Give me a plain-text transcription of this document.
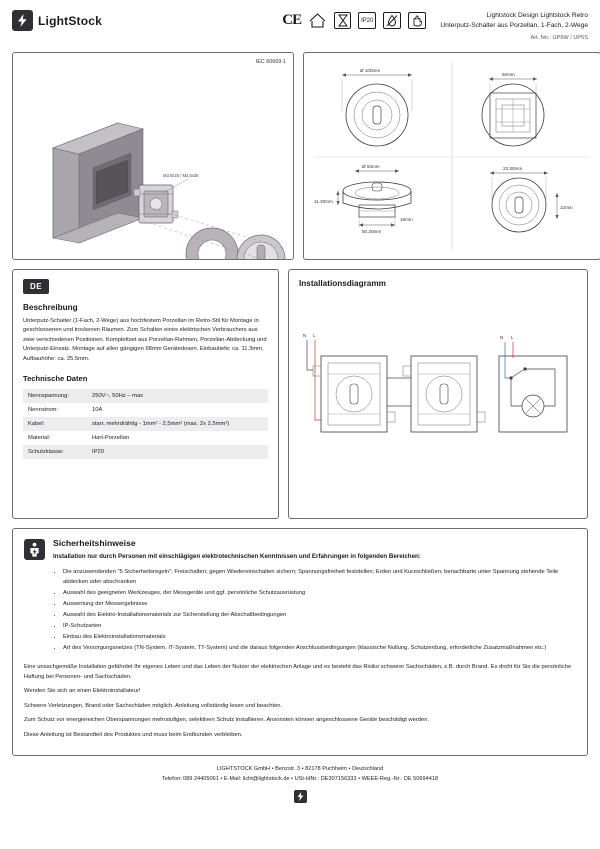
LightStock	CE	IP20
Lightstock Design Lightstock Retro
Unterputz-Schalter aus Porzellan, 1-Fach, 2-Wege
Art. No.: UP6W / UP5S
IEC 60669-1
M3,5x25 / M3,5x35
Ø 100mm
60mm
Ø 63mm
11.30mm
50.30mm
18mm
23.30mm
12mm
DE
Beschreibung

Unterputz-Schalter (1-Fach, 2-Wege) aus hochfestem Porzellan im Retro-Stil für Montage in geschlossenen und trockenen Räumen. Zum Schalten eines elektrischen Verbrauchers aus zwei verschiedenen Positionen. Komplettset aus Porzellan-Rahmen, Porzellan-Abdeckung und Unterputz-Einsatz. Montage auf allen gängigen 68mm Gerätedosen. Einbautiefe: ca. 11.3mm, Aufbauhöhe: ca. 25.5mm.

Technische Daten
Nennspannung:	250V~, 50Hz – max
Nennstrom:	10A
Kabel:	starr, mehrdrähtig - 1mm² - 2,5mm² (max. 2x 2,5mm²)
Material:	Hart-Porzellan
Schutzklasse:	IP20
Installationsdiagramm
N L	N L
Sicherheitshinweise
Installation nur durch Personen mit einschlägigen elektrotechnischen Kenntnissen und Erfahrungen in folgenden Bereichen:
• Die anzuwendenden "5 Sicherheitsregeln": Freischalten; gegen Wiedereinschalten sichern; Spannungsfreiheit feststellen; Erden und Kurzschließen; benachbarte unter Spannung stehende Teile abdecken oder abschranken
• Auswahl des geeigneten Werkzeuges, der Messgeräte und ggf. persönliche Schutzausrüstung
• Auswertung der Messergebnisse
• Auswahl des Elektro-Installationsmaterials zur Sicherstellung der Abschaltbedingungen
• IP-Schutzarten
• Einbau des Elektroinstallationsmaterials
• Art des Versorgungsnetzes (TN-System, IT-System, TT-System) und die daraus folgenden Anschlussbedingungen (klassische Nullung, Schutzerdung, erforderliche Zusatzmaßnahmen etc.)

Eine unsachgemäße Installation gefährdet Ihr eigenes Leben und das Leben der Nutzer der elektrischen Anlage und es besteht das Risiko schwerer Sachschäden, z.B. durch Brand. Es droht für Sie die persönliche Haftung bei Personen- und Sachschäden.

Wenden Sie sich an einen Elektroinstallateur!

Schwere Verletzungen, Brand oder Sachschäden möglich. Anleitung vollständig lesen und beachten.

Zum Schutz vor energiereichen Überspannungen mehrstufigen, selektiven Schutz installieren. Ansonsten können angeschlossene Geräte beschädigt werden.

Diese Anleitung ist Bestandteil des Produktes und muss beim Endkunden verbleiben.

LIGHTSTOCK GmbH • Benzstr. 3 • 82178 Puchheim • Deutschland
Telefon: 089 24405061 • E-Mail: licht@lightstock.de • USt-IdNr.: DE307156333 • WEEE-Reg.-Nr.: DE 50694418
